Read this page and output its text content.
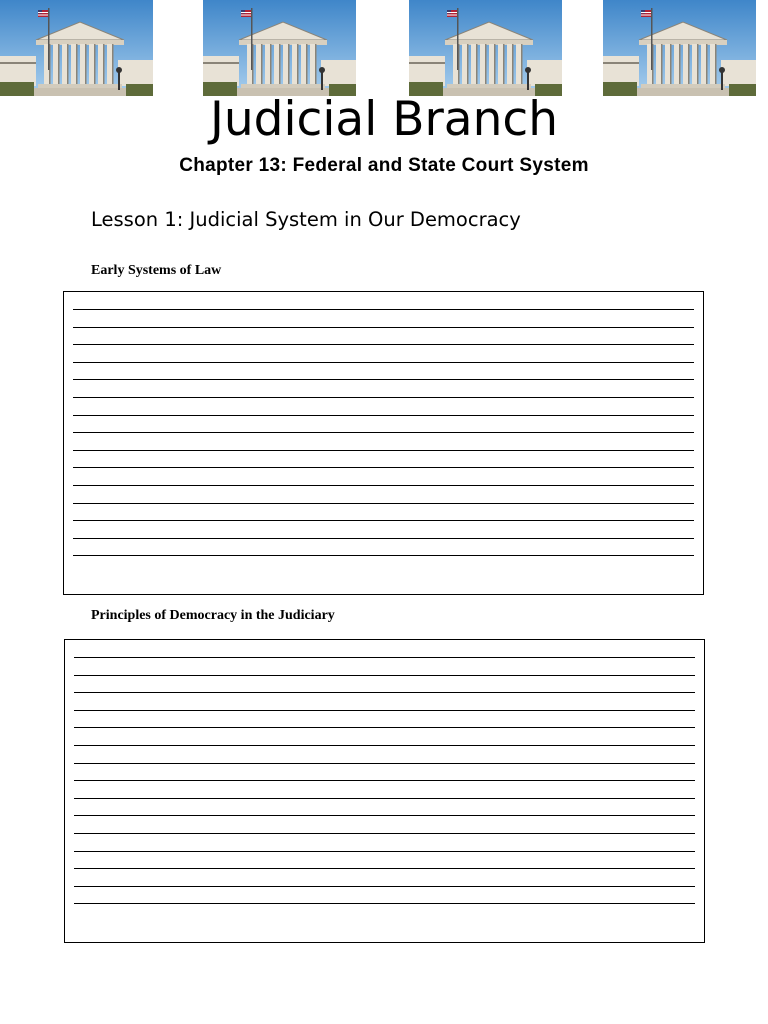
Judicial Branch
Chapter 13: Federal and State Court System
Lesson 1: Judicial System in Our Democracy
Early Systems of Law
Principles of Democracy in the Judiciary
